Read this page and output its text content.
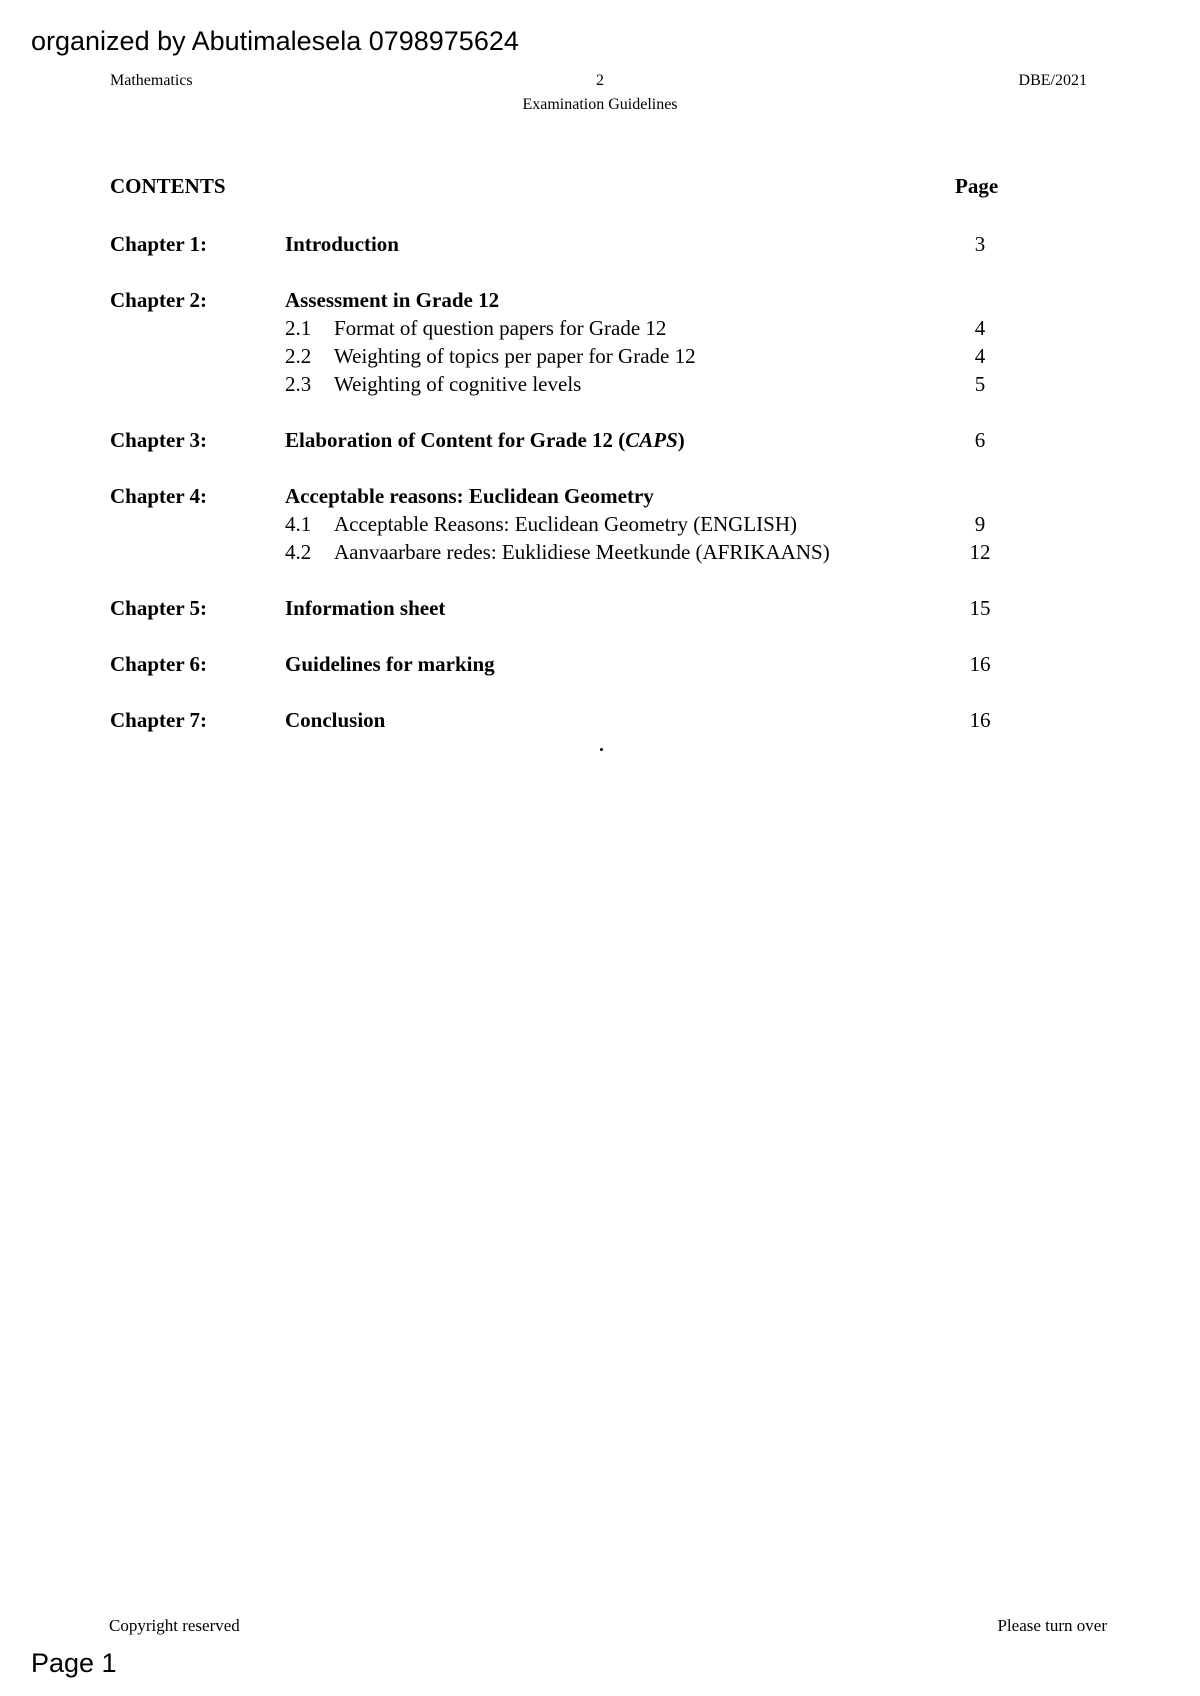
organized by Abutimalesela 0798975624
Mathematics	2	DBE/2021
Examination Guidelines
CONTENTS	Page
Chapter 1:	Introduction	3
Chapter 2:	Assessment in Grade 12
2.1 Format of question papers for Grade 12	4
2.2 Weighting of topics per paper for Grade 12	4
2.3 Weighting of cognitive levels	5
Chapter 3:	Elaboration of Content for Grade 12 (CAPS)	6
Chapter 4:	Acceptable reasons: Euclidean Geometry
4.1 Acceptable Reasons: Euclidean Geometry (ENGLISH)	9
4.2 Aanvaarbare redes: Euklidiese Meetkunde (AFRIKAANS)	12
Chapter 5:	Information sheet	15
Chapter 6:	Guidelines for marking	16
Chapter 7:	Conclusion	16
Copyright reserved	Please turn over
Page 1
